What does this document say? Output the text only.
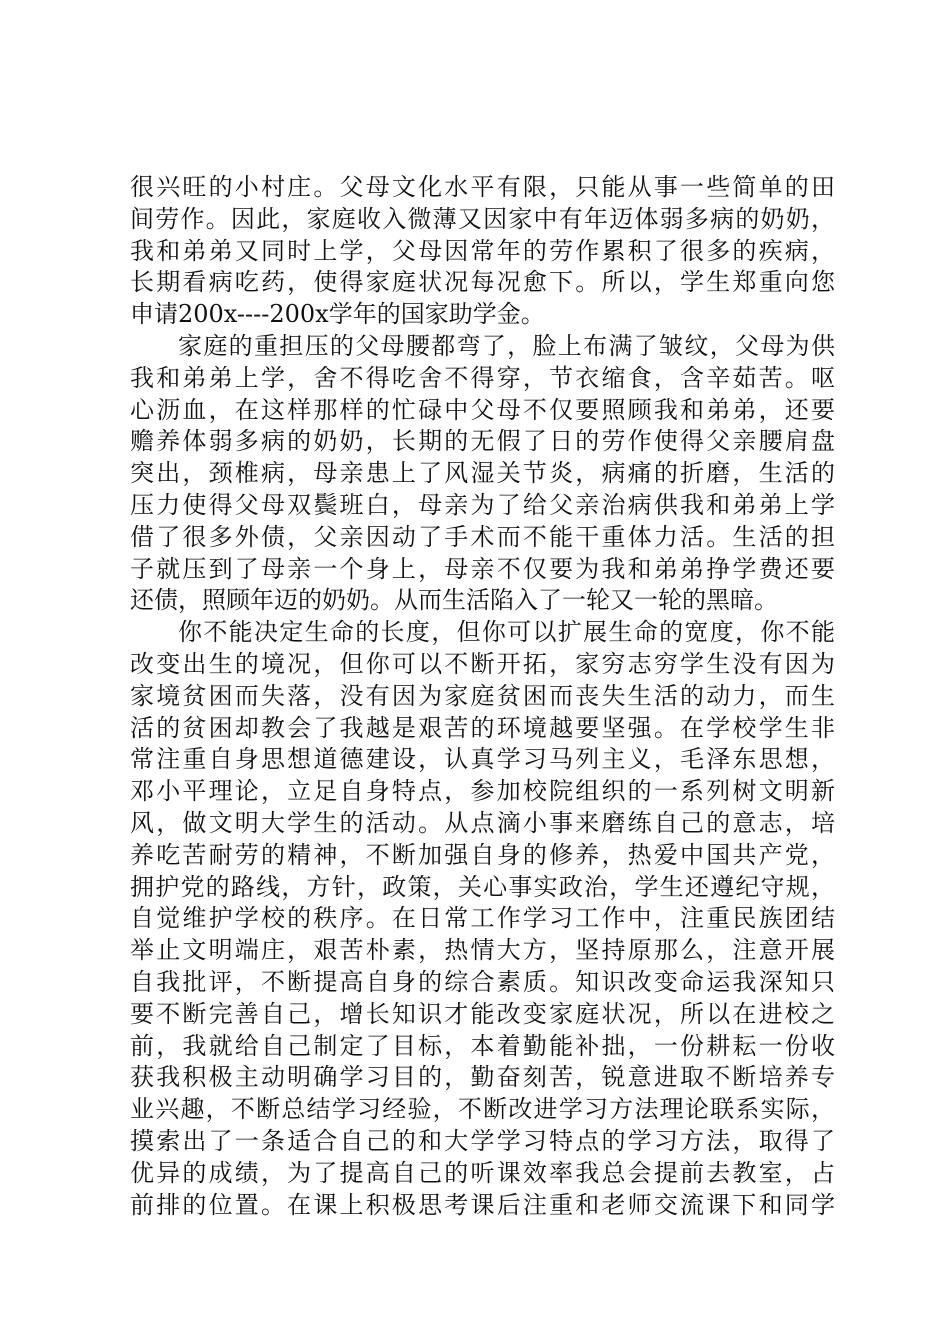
很兴旺的小村庄。父母文化水平有限，只能从事一些简单的田
间劳作。因此，家庭收入微薄又因家中有年迈体弱多病的奶奶，
我和弟弟又同时上学，父母因常年的劳作累积了很多的疾病，
长期看病吃药，使得家庭状况每况愈下。所以，学生郑重向您
申请200x----200x学年的国家助学金。
家庭的重担压的父母腰都弯了，脸上布满了皱纹，父母为供
我和弟弟上学，舍不得吃舍不得穿，节衣缩食，含辛茹苦。呕
心沥血，在这样那样的忙碌中父母不仅要照顾我和弟弟，还要
赡养体弱多病的奶奶，长期的无假了日的劳作使得父亲腰肩盘
突出，颈椎病，母亲患上了风湿关节炎，病痛的折磨，生活的
压力使得父母双鬓班白，母亲为了给父亲治病供我和弟弟上学
借了很多外债，父亲因动了手术而不能干重体力活。生活的担
子就压到了母亲一个身上，母亲不仅要为我和弟弟挣学费还要
还债，照顾年迈的奶奶。从而生活陷入了一轮又一轮的黑暗。
你不能决定生命的长度，但你可以扩展生命的宽度，你不能
改变出生的境况，但你可以不断开拓，家穷志穷学生没有因为
家境贫困而失落，没有因为家庭贫困而丧失生活的动力，而生
活的贫困却教会了我越是艰苦的环境越要坚强。在学校学生非
常注重自身思想道德建设，认真学习马列主义，毛泽东思想，
邓小平理论，立足自身特点，参加校院组织的一系列树文明新
风，做文明大学生的活动。从点滴小事来磨练自己的意志，培
养吃苦耐劳的精神，不断加强自身的修养，热爱中国共产党，
拥护党的路线，方针，政策，关心事实政治，学生还遵纪守规，
自觉维护学校的秩序。在日常工作学习工作中，注重民族团结
举止文明端庄，艰苦朴素，热情大方，坚持原那么，注意开展
自我批评，不断提高自身的综合素质。知识改变命运我深知只
要不断完善自己，增长知识才能改变家庭状况，所以在进校之
前，我就给自己制定了目标，本着勤能补拙，一份耕耘一份收
获我积极主动明确学习目的，勤奋刻苦，锐意进取不断培养专
业兴趣，不断总结学习经验，不断改进学习方法理论联系实际，
摸索出了一条适合自己的和大学学习特点的学习方法，取得了
优异的成绩，为了提高自己的听课效率我总会提前去教室，占
前排的位置。在课上积极思考课后注重和老师交流课下和同学
